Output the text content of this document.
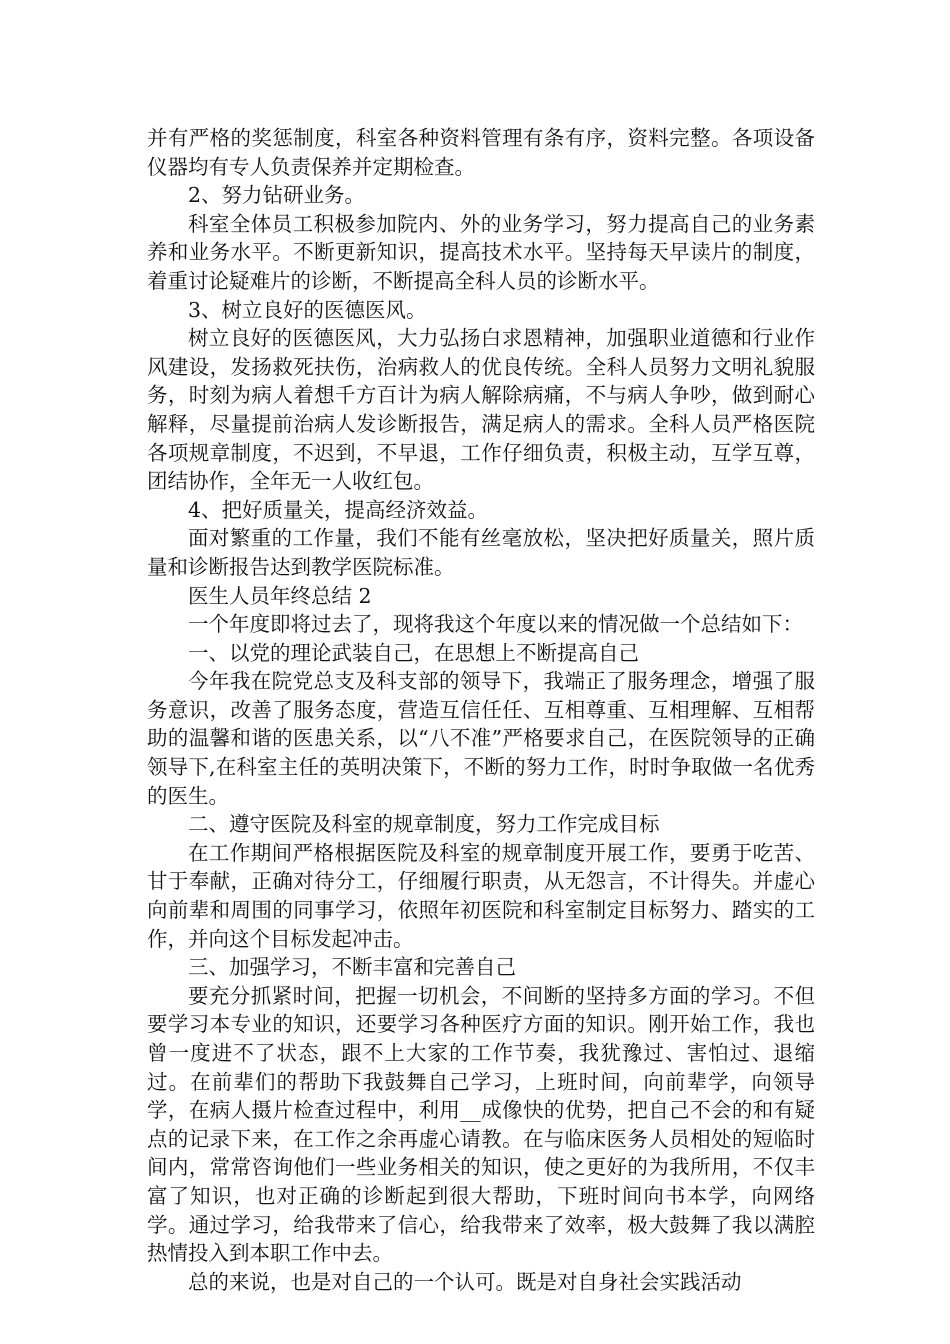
并有严格的奖惩制度，科室各种资料管理有条有序，资料完整。各项设备仪器均有专人负责保养并定期检查。

2、努力钻研业务。

科室全体员工积极参加院内、外的业务学习，努力提高自己的业务素养和业务水平。不断更新知识，提高技术水平。坚持每天早读片的制度，着重讨论疑难片的诊断，不断提高全科人员的诊断水平。

3、树立良好的医德医风。

树立良好的医德医风，大力弘扬白求恩精神，加强职业道德和行业作风建设，发扬救死扶伤，治病救人的优良传统。全科人员努力文明礼貌服务，时刻为病人着想千方百计为病人解除病痛，不与病人争吵，做到耐心解释，尽量提前治病人发诊断报告，满足病人的需求。全科人员严格医院各项规章制度，不迟到，不早退，工作仔细负责，积极主动，互学互尊，团结协作，全年无一人收红包。

4、把好质量关，提高经济效益。

面对繁重的工作量，我们不能有丝毫放松，坚决把好质量关，照片质量和诊断报告达到教学医院标准。

医生人员年终总结 2

一个年度即将过去了，现将我这个年度以来的情况做一个总结如下：

一、以党的理论武装自己，在思想上不断提高自己

今年我在院党总支及科支部的领导下，我端正了服务理念，增强了服务意识，改善了服务态度，营造互信任任、互相尊重、互相理解、互相帮助的温馨和谐的医患关系，以“八不准”严格要求自己，在医院领导的正确领导下,在科室主任的英明决策下，不断的努力工作，时时争取做一名优秀的医生。

二、遵守医院及科室的规章制度，努力工作完成目标

在工作期间严格根据医院及科室的规章制度开展工作，要勇于吃苦、甘于奉献，正确对待分工，仔细履行职责，从无怨言，不计得失。并虚心向前辈和周围的同事学习，依照年初医院和科室制定目标努力、踏实的工作，并向这个目标发起冲击。

三、加强学习，不断丰富和完善自己

要充分抓紧时间，把握一切机会，不间断的坚持多方面的学习。不但要学习本专业的知识，还要学习各种医疗方面的知识。刚开始工作，我也曾一度进不了状态，跟不上大家的工作节奏，我犹豫过、害怕过、退缩过。在前辈们的帮助下我鼓舞自己学习，上班时间，向前辈学，向领导学，在病人摄片检查过程中，利用__成像快的优势，把自己不会的和有疑点的记录下来，在工作之余再虚心请教。在与临床医务人员相处的短临时间内，常常咨询他们一些业务相关的知识，使之更好的为我所用，不仅丰富了知识，也对正确的诊断起到很大帮助，下班时间向书本学，向网络学。通过学习，给我带来了信心，给我带来了效率，极大鼓舞了我以满腔热情投入到本职工作中去。

总的来说，也是对自己的一个认可。既是对自身社会实践活动
